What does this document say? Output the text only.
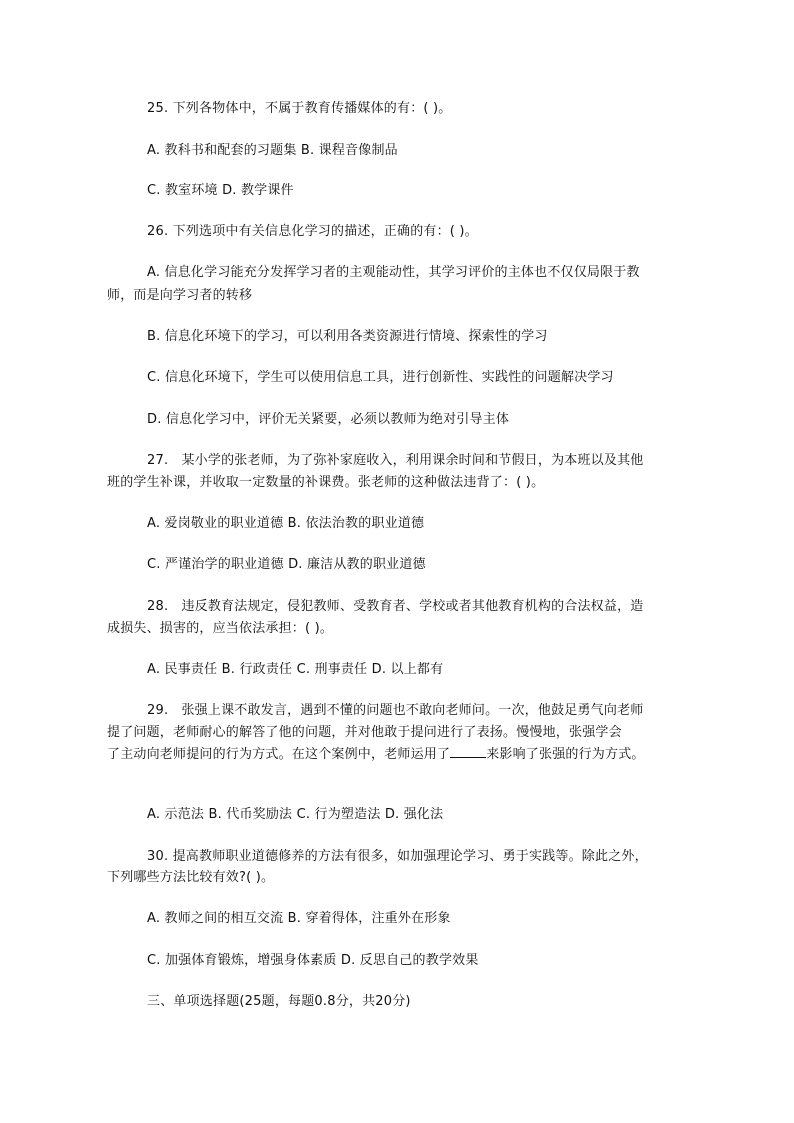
25. 下列各物体中，不属于教育传播媒体的有：( )。
A. 教科书和配套的习题集 B. 课程音像制品
C. 教室环境 D. 教学课件
26. 下列选项中有关信息化学习的描述，正确的有：( )。
A. 信息化学习能充分发挥学习者的主观能动性，其学习评价的主体也不仅仅局限于教
师，而是向学习者的转移
B. 信息化环境下的学习，可以利用各类资源进行情境、探索性的学习
C. 信息化环境下，学生可以使用信息工具，进行创新性、实践性的问题解决学习
D. 信息化学习中，评价无关紧要，必须以教师为绝对引导主体
27.　某小学的张老师，为了弥补家庭收入，利用课余时间和节假日，为本班以及其他
班的学生补课，并收取一定数量的补课费。张老师的这种做法违背了：( )。
A. 爱岗敬业的职业道德 B. 依法治教的职业道德
C. 严谨治学的职业道德 D. 廉洁从教的职业道德
28.　违反教育法规定，侵犯教师、受教育者、学校或者其他教育机构的合法权益，造
成损失、损害的，应当依法承担：( )。
A. 民事责任 B. 行政责任 C. 刑事责任 D. 以上都有
29.　张强上课不敢发言，遇到不懂的问题也不敢向老师问。一次，他鼓足勇气向老师
提了问题，老师耐心的解答了他的问题，并对他敢于提问进行了表扬。慢慢地，张强学会
了主动向老师提问的行为方式。在这个案例中，老师运用了	来影响了张强的行为方式。
A. 示范法 B. 代币奖励法 C. 行为塑造法 D. 强化法
30. 提高教师职业道德修养的方法有很多，如加强理论学习、勇于实践等。除此之外，
下列哪些方法比较有效?( )。
A. 教师之间的相互交流 B. 穿着得体，注重外在形象
C. 加强体育锻炼，增强身体素质 D. 反思自己的教学效果
三、单项选择题(25题，每题0.8分，共20分)
